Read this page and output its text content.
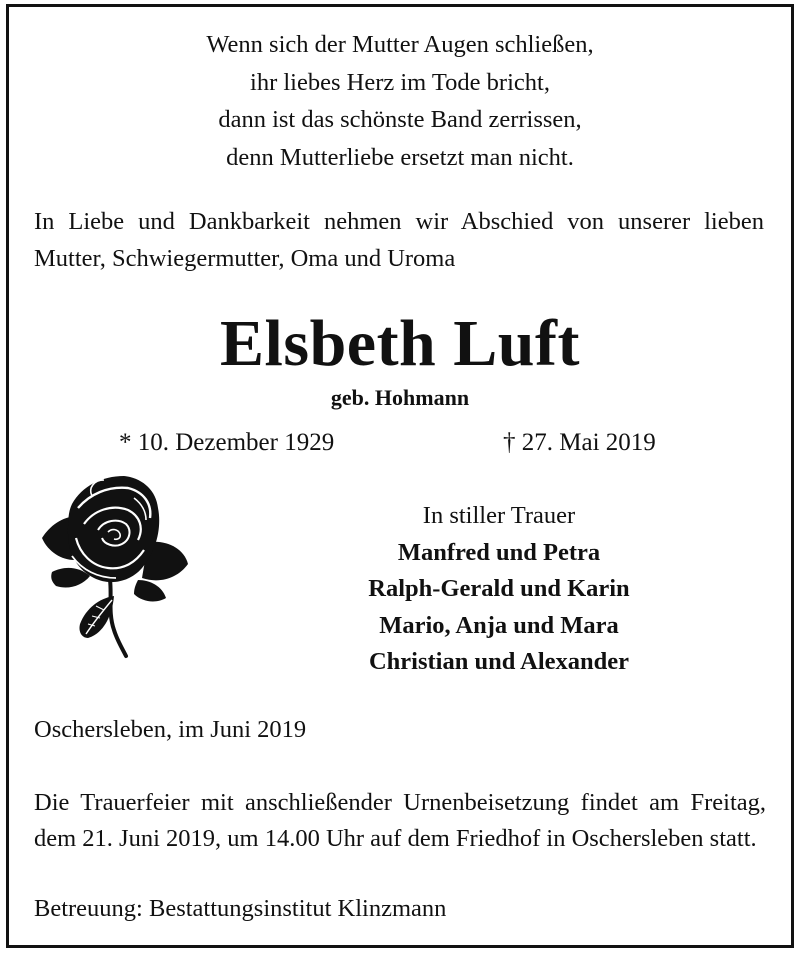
Wenn sich der Mutter Augen schließen,
ihr liebes Herz im Tode bricht,
dann ist das schönste Band zerrissen,
denn Mutterliebe ersetzt man nicht.
In Liebe und Dankbarkeit nehmen wir Abschied von unserer lieben Mutter, Schwiegermutter, Oma und Uroma
Elsbeth Luft
geb. Hohmann
* 10. Dezember 1929	† 27. Mai 2019
In stiller Trauer
Manfred und Petra
Ralph-Gerald und Karin
Mario, Anja und Mara
Christian und Alexander
Oschersleben, im Juni 2019
Die Trauerfeier mit anschließender Urnenbeisetzung findet am Freitag, dem 21. Juni 2019, um 14.00 Uhr auf dem Friedhof in Oschersleben statt.
Betreuung: Bestattungsinstitut Klinzmann
